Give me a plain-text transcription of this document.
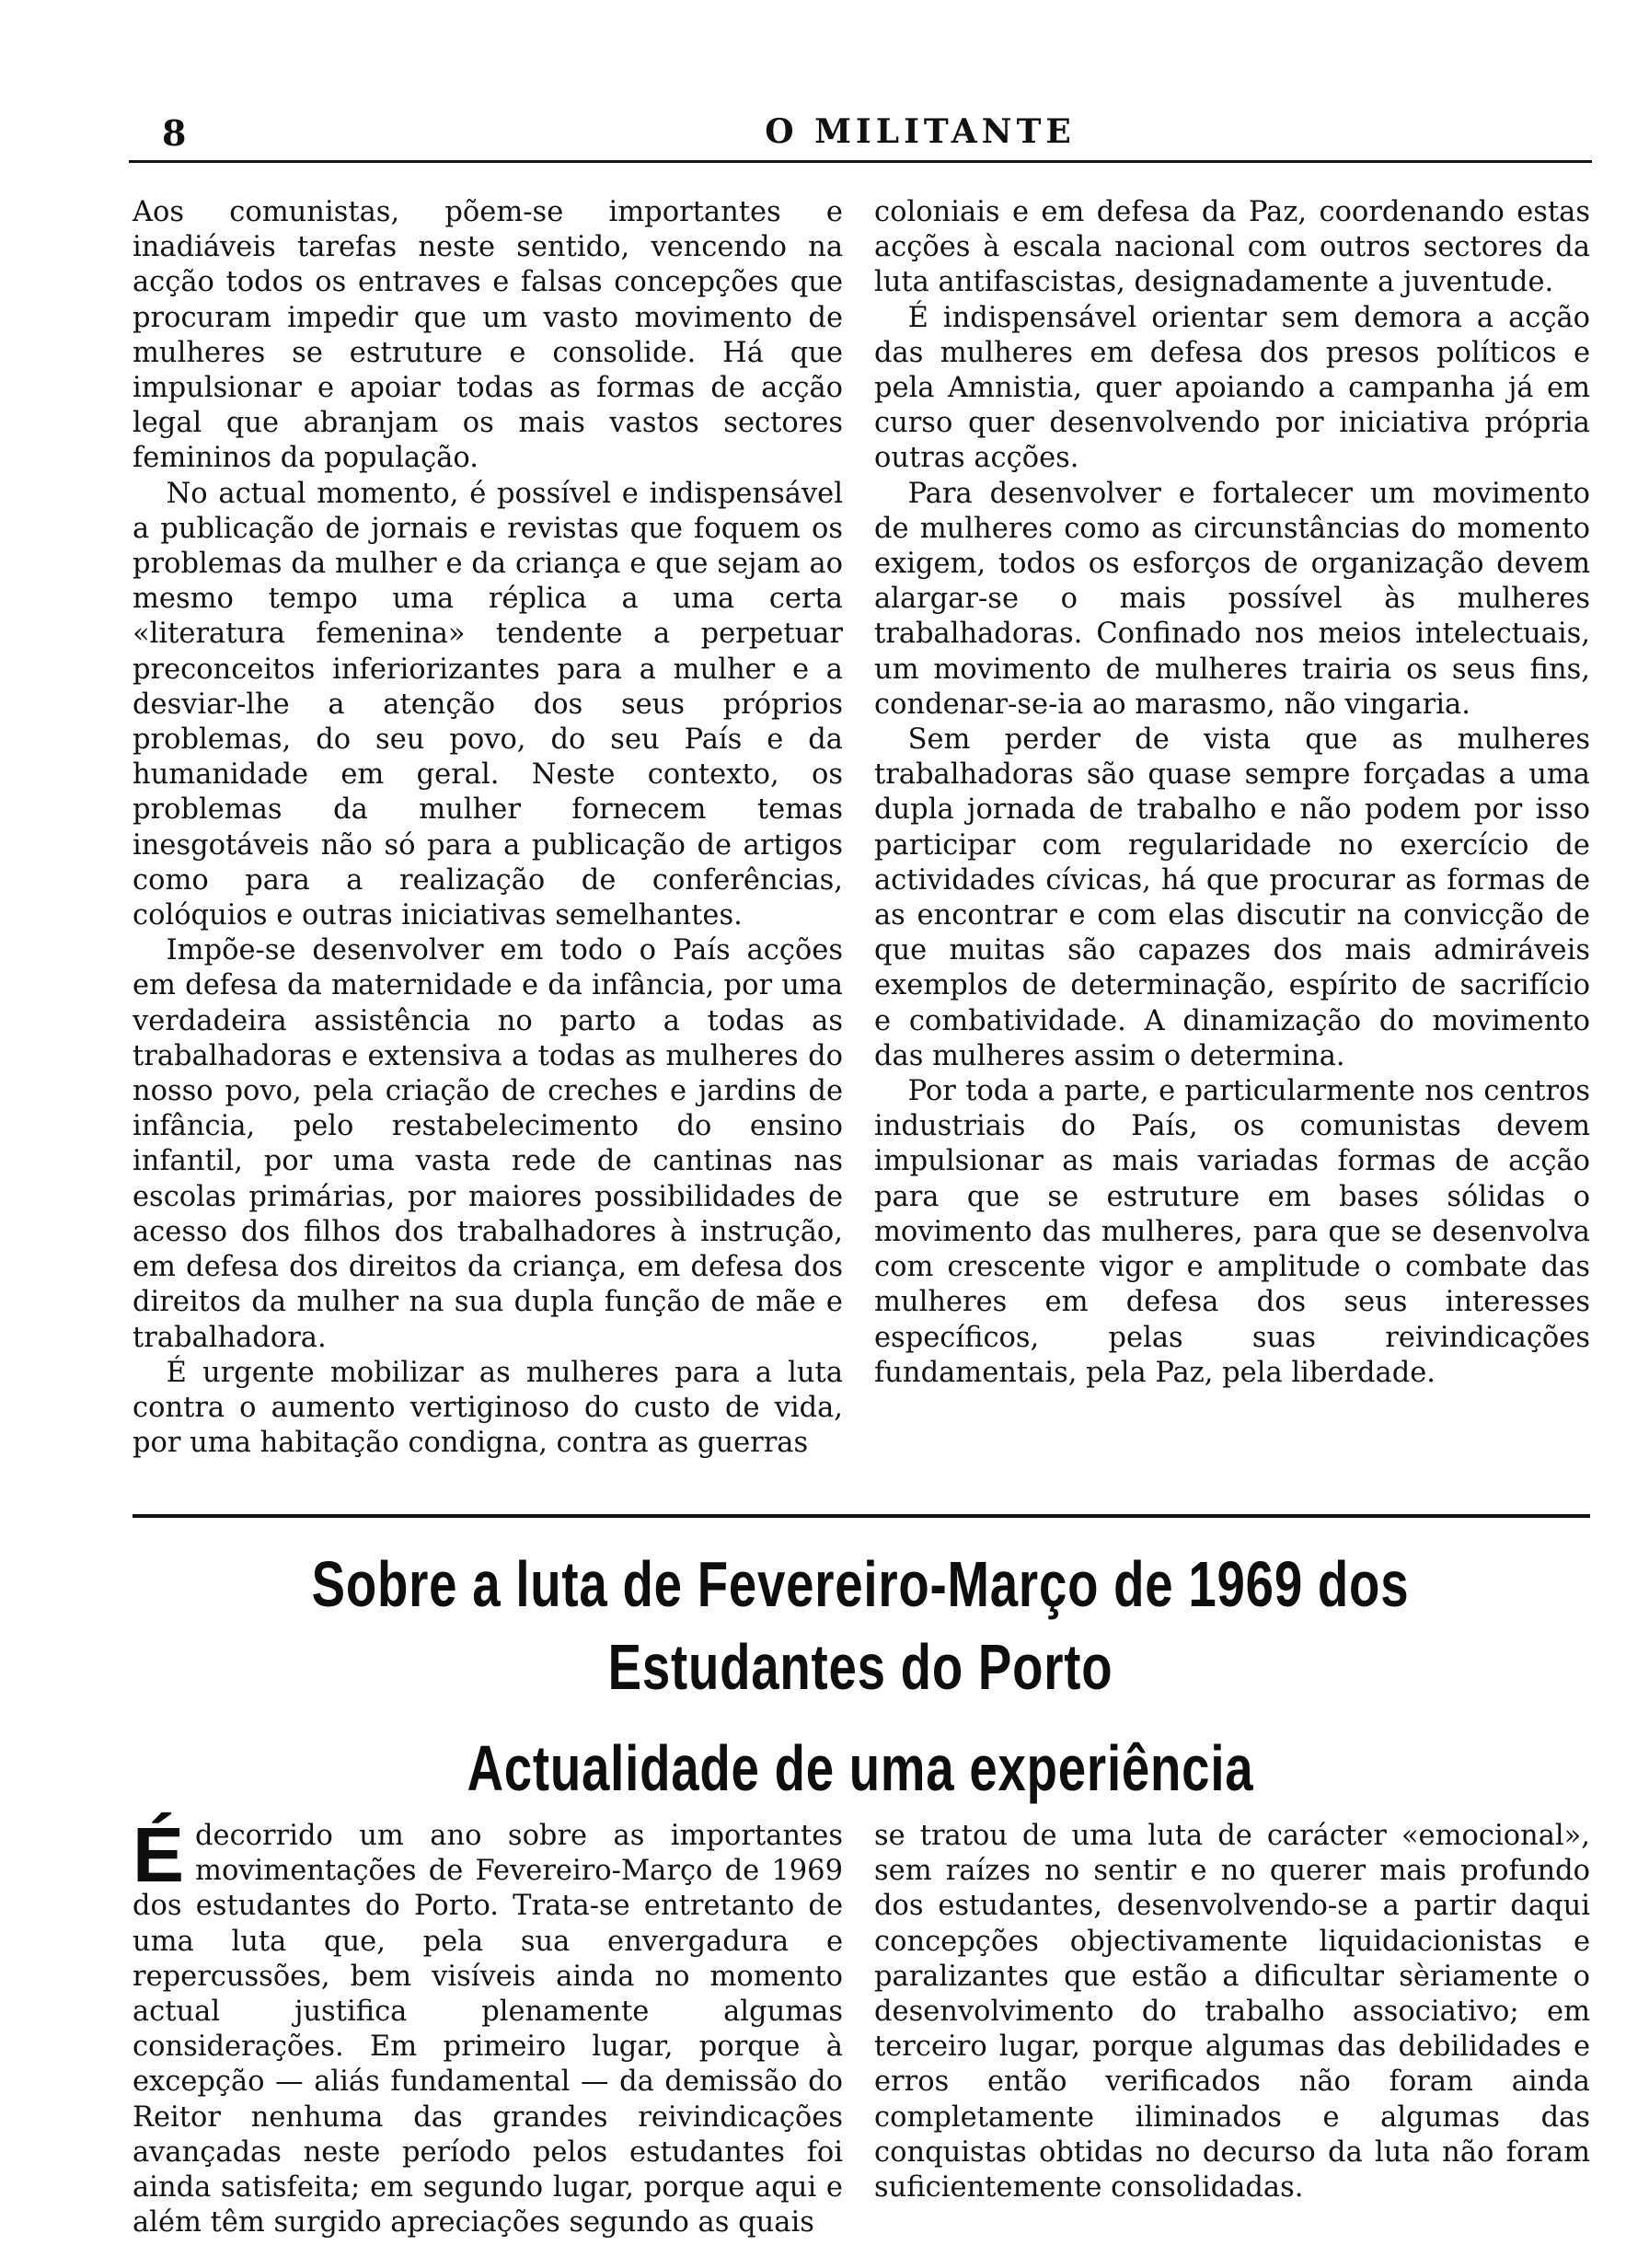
8	O MILITANTE

Aos comunistas, põem-se importantes e inadiáveis tarefas neste sentido, vencendo na acção todos os entraves e falsas concepções que procuram impedir que um vasto movimento de mulheres se estruture e consolide. Há que impulsionar e apoiar todas as formas de acção legal que abranjam os mais vastos sectores femininos da população.

No actual momento, é possível e indispensável a publicação de jornais e revistas que foquem os problemas da mulher e da criança e que sejam ao mesmo tempo uma réplica a uma certa «literatura femenina» tendente a perpetuar preconceitos inferiorizantes para a mulher e a desviar-lhe a atenção dos seus próprios problemas, do seu povo, do seu País e da humanidade em geral. Neste contexto, os problemas da mulher fornecem temas inesgotáveis não só para a publicação de artigos como para a realização de conferências, colóquios e outras iniciativas semelhantes.

Impõe-se desenvolver em todo o País acções em defesa da maternidade e da infância, por uma verdadeira assistência no parto a todas as trabalhadoras e extensiva a todas as mulheres do nosso povo, pela criação de creches e jardins de infância, pelo restabelecimento do ensino infantil, por uma vasta rede de cantinas nas escolas primárias, por maiores possibilidades de acesso dos filhos dos trabalhadores à instrução, em defesa dos direitos da criança, em defesa dos direitos da mulher na sua dupla função de mãe e trabalhadora.

É urgente mobilizar as mulheres para a luta contra o aumento vertiginoso do custo de vida, por uma habitação condigna, contra as guerras

coloniais e em defesa da Paz, coordenando estas acções à escala nacional com outros sectores da luta antifascistas, designadamente a juventude.

É indispensável orientar sem demora a acção das mulheres em defesa dos presos políticos e pela Amnistia, quer apoiando a campanha já em curso quer desenvolvendo por iniciativa própria outras acções.

Para desenvolver e fortalecer um movimento de mulheres como as circunstâncias do momento exigem, todos os esforços de organização devem alargar-se o mais possível às mulheres trabalhadoras. Confinado nos meios intelectuais, um movimento de mulheres trairia os seus fins, condenar-se-ia ao marasmo, não vingaria.

Sem perder de vista que as mulheres trabalhadoras são quase sempre forçadas a uma dupla jornada de trabalho e não podem por isso participar com regularidade no exercício de actividades cívicas, há que procurar as formas de as encontrar e com elas discutir na convicção de que muitas são capazes dos mais admiráveis exemplos de determinação, espírito de sacrifício e combatividade. A dinamização do movimento das mulheres assim o determina.

Por toda a parte, e particularmente nos centros industriais do País, os comunistas devem impulsionar as mais variadas formas de acção para que se estruture em bases sólidas o movimento das mulheres, para que se desenvolva com crescente vigor e amplitude o combate das mulheres em defesa dos seus interesses específicos, pelas suas reivindicações fundamentais, pela Paz, pela liberdade.

Sobre a luta de Fevereiro-Março de 1969 dos
Estudantes do Porto
Actualidade de uma experiência

É decorrido um ano sobre as importantes movimentações de Fevereiro-Março de 1969 dos estudantes do Porto. Trata-se entretanto de uma luta que, pela sua envergadura e repercussões, bem visíveis ainda no momento actual justifica plenamente algumas considerações. Em primeiro lugar, porque à excepção — aliás fundamental — da demissão do Reitor nenhuma das grandes reivindicações avançadas neste período pelos estudantes foi ainda satisfeita; em segundo lugar, porque aqui e além têm surgido apreciações segundo as quais

se tratou de uma luta de carácter «emocional», sem raízes no sentir e no querer mais profundo dos estudantes, desenvolvendo-se a partir daqui concepções objectivamente liquidacionistas e paralizantes que estão a dificultar sèriamente o desenvolvimento do trabalho associativo; em terceiro lugar, porque algumas das debilidades e erros então verificados não foram ainda completamente iliminados e algumas das conquistas obtidas no decurso da luta não foram suficientemente consolidadas.
